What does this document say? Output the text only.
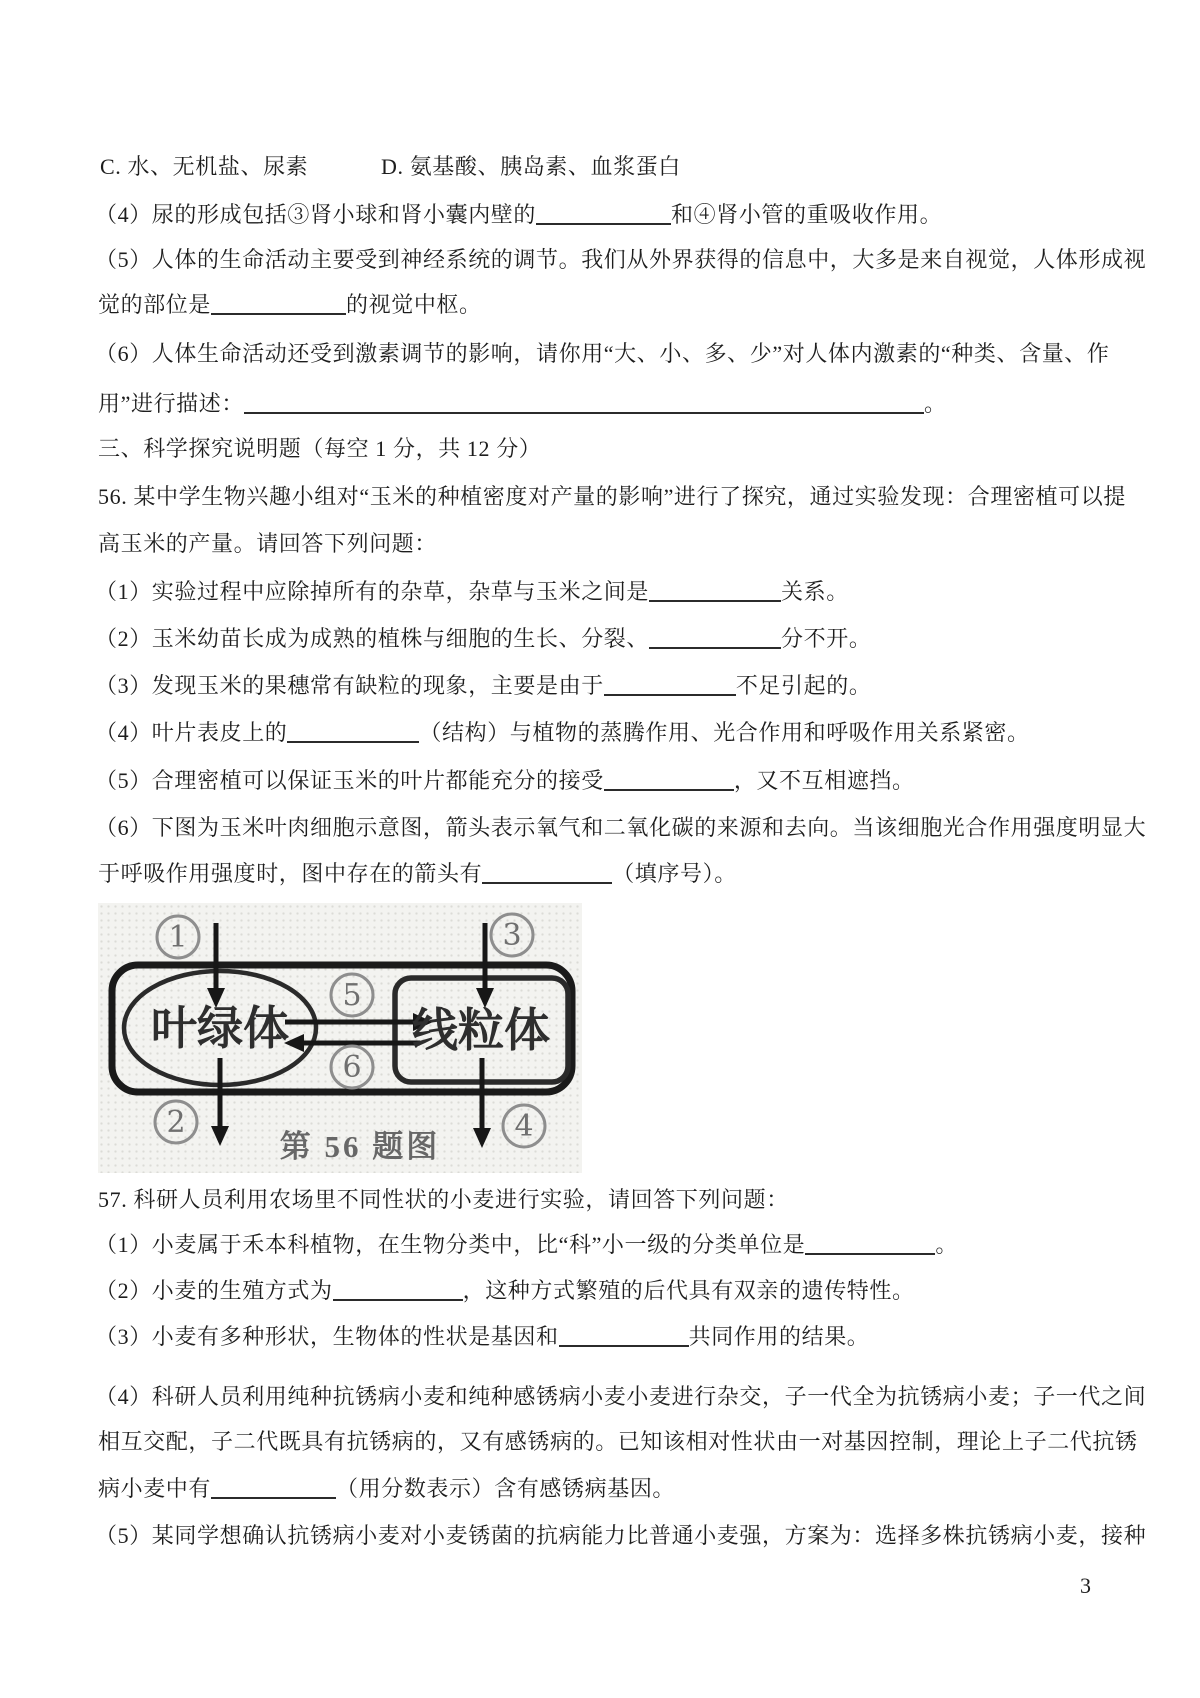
C. 水、无机盐、尿素	D. 氨基酸、胰岛素、血浆蛋白
（4）尿的形成包括③肾小球和肾小囊内壁的	和④肾小管的重吸收作用。
（5）人体的生命活动主要受到神经系统的调节。我们从外界获得的信息中，大多是来自视觉，人体形成视
觉的部位是	的视觉中枢。
（6）人体生命活动还受到激素调节的影响，请你用“大、小、多、少”对人体内激素的“种类、含量、作
用”进行描述：	。
三、科学探究说明题（每空 1 分，共 12 分）
56. 某中学生物兴趣小组对“玉米的种植密度对产量的影响”进行了探究，通过实验发现：合理密植可以提
高玉米的产量。请回答下列问题：
（1）实验过程中应除掉所有的杂草，杂草与玉米之间是	关系。
（2）玉米幼苗长成为成熟的植株与细胞的生长、分裂、	分不开。
（3）发现玉米的果穗常有缺粒的现象，主要是由于	不足引起的。
（4）叶片表皮上的	（结构）与植物的蒸腾作用、光合作用和呼吸作用关系紧密。
（5）合理密植可以保证玉米的叶片都能充分的接受	，又不互相遮挡。
（6）下图为玉米叶肉细胞示意图，箭头表示氧气和二氧化碳的来源和去向。当该细胞光合作用强度明显大
于呼吸作用强度时，图中存在的箭头有	（填序号）。
57. 科研人员利用农场里不同性状的小麦进行实验，请回答下列问题：
（1）小麦属于禾本科植物，在生物分类中，比“科”小一级的分类单位是	。
（2）小麦的生殖方式为	，这种方式繁殖的后代具有双亲的遗传特性。
（3）小麦有多种形状，生物体的性状是基因和	共同作用的结果。
（4）科研人员利用纯种抗锈病小麦和纯种感锈病小麦小麦进行杂交，子一代全为抗锈病小麦；子一代之间
相互交配，子二代既具有抗锈病的，又有感锈病的。已知该相对性状由一对基因控制，理论上子二代抗锈
病小麦中有	（用分数表示）含有感锈病基因。
（5）某同学想确认抗锈病小麦对小麦锈菌的抗病能力比普通小麦强，方案为：选择多株抗锈病小麦，接种
1
2
3
4
5
6
叶绿体	线粒体
第 56 题图
3
